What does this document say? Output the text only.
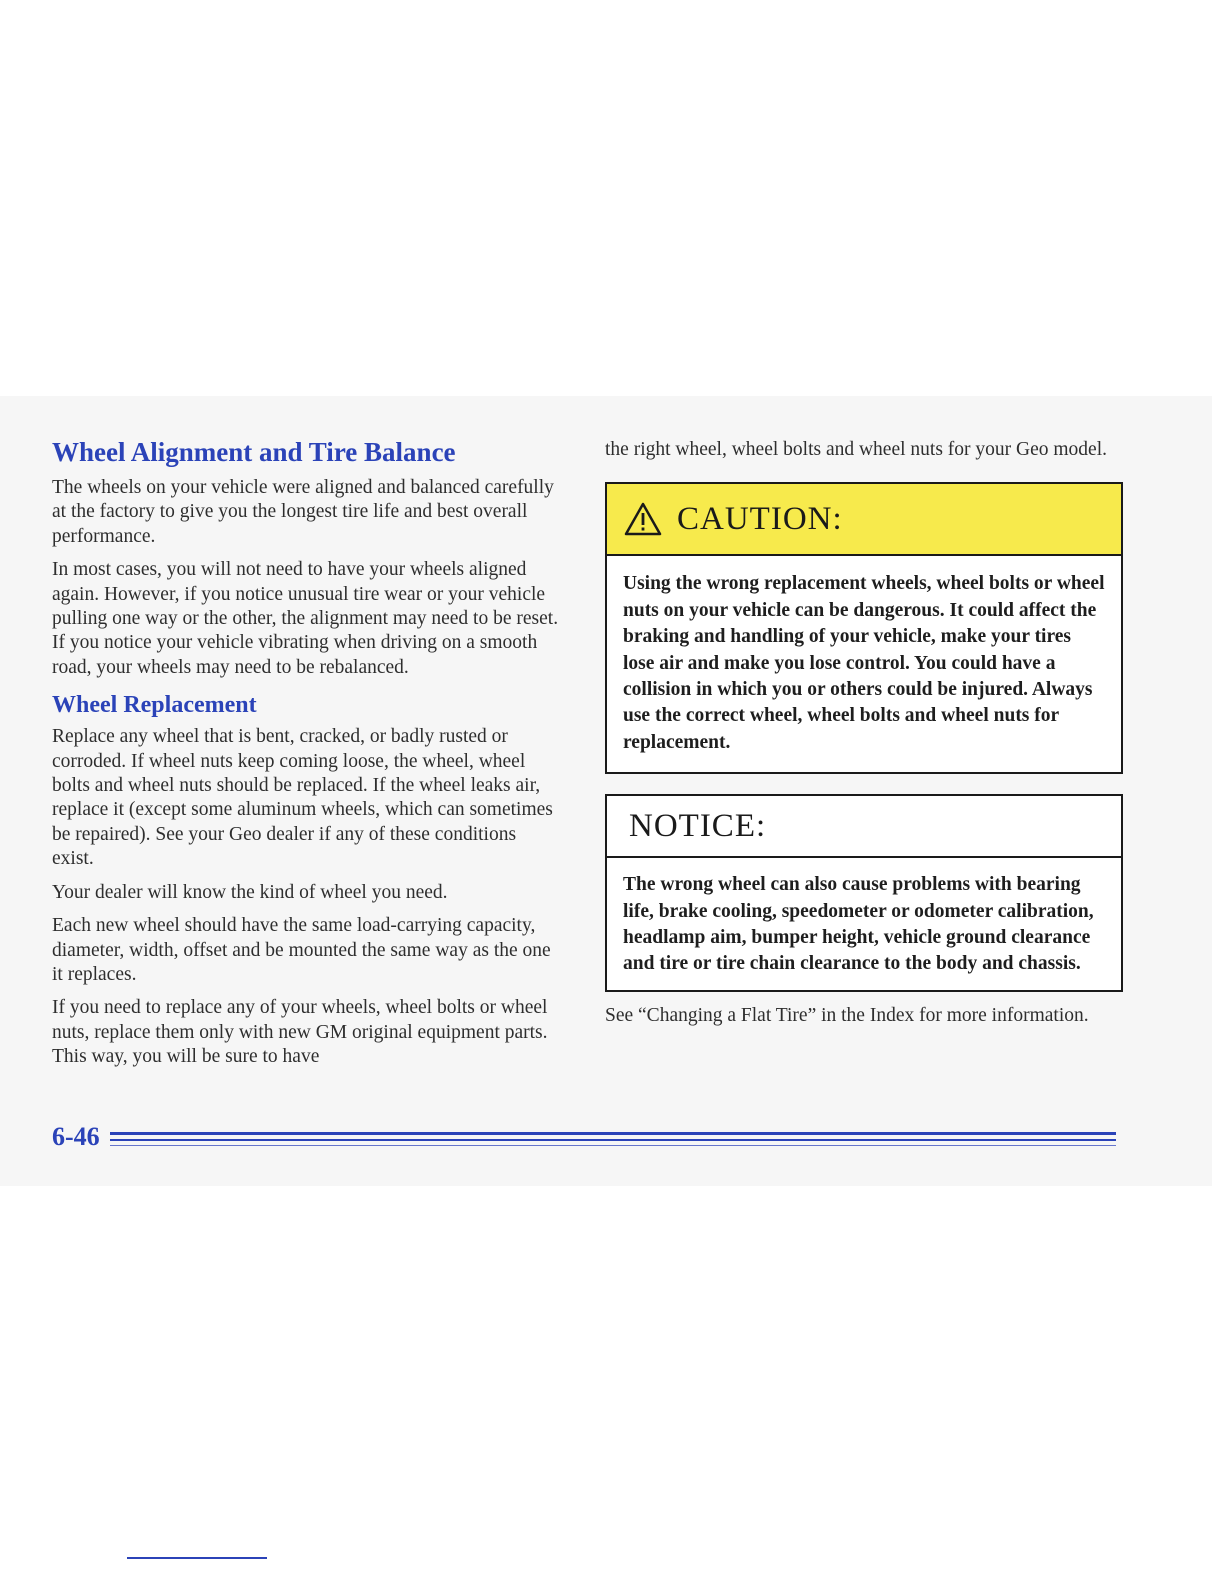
Wheel Alignment and Tire Balance

The wheels on your vehicle were aligned and balanced carefully at the factory to give you the longest tire life and best overall performance.

In most cases, you will not need to have your wheels aligned again. However, if you notice unusual tire wear or your vehicle pulling one way or the other, the alignment may need to be reset. If you notice your vehicle vibrating when driving on a smooth road, your wheels may need to be rebalanced.

Wheel Replacement

Replace any wheel that is bent, cracked, or badly rusted or corroded. If wheel nuts keep coming loose, the wheel, wheel bolts and wheel nuts should be replaced. If the wheel leaks air, replace it (except some aluminum wheels, which can sometimes be repaired). See your Geo dealer if any of these conditions exist.

Your dealer will know the kind of wheel you need.

Each new wheel should have the same load-carrying capacity, diameter, width, offset and be mounted the same way as the one it replaces.

If you need to replace any of your wheels, wheel bolts or wheel nuts, replace them only with new GM original equipment parts. This way, you will be sure to have

the right wheel, wheel bolts and wheel nuts for your Geo model.

CAUTION:
Using the wrong replacement wheels, wheel bolts or wheel nuts on your vehicle can be dangerous. It could affect the braking and handling of your vehicle, make your tires lose air and make you lose control. You could have a collision in which you or others could be injured. Always use the correct wheel, wheel bolts and wheel nuts for replacement.
NOTICE:
The wrong wheel can also cause problems with bearing life, brake cooling, speedometer or odometer calibration, headlamp aim, bumper height, vehicle ground clearance and tire or tire chain clearance to the body and chassis.

See “Changing a Flat Tire” in the Index for more information.

6-46
